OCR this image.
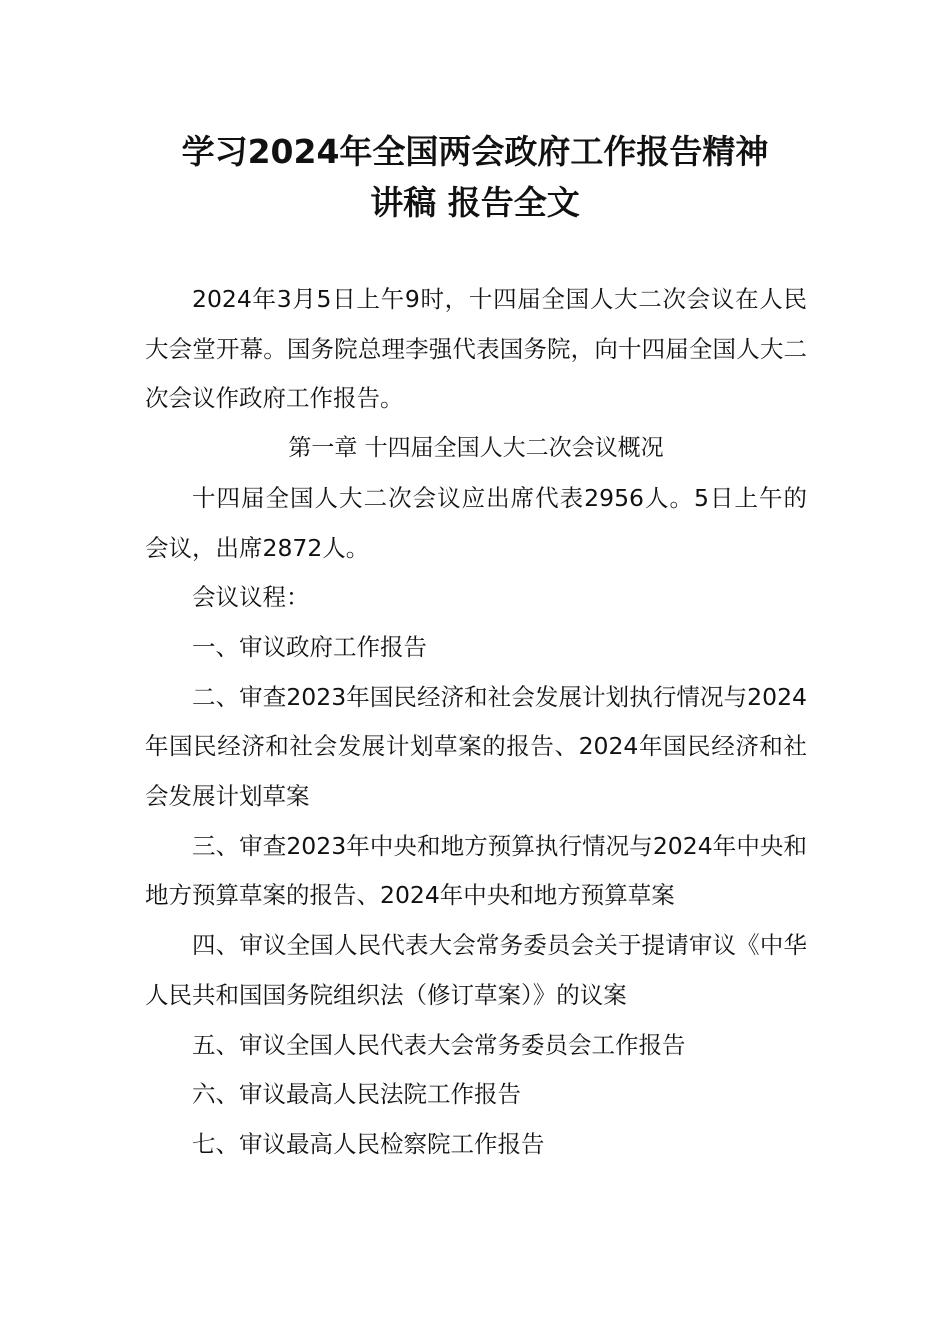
学习2024年全国两会政府工作报告精神
讲稿 报告全文

2024年3月5日上午9时，十四届全国人大二次会议在人民大会堂开幕。国务院总理李强代表国务院，向十四届全国人大二次会议作政府工作报告。

第一章 十四届全国人大二次会议概况

十四届全国人大二次会议应出席代表2956人。5日上午的会议，出席2872人。

会议议程：

一、审议政府工作报告

二、审查2023年国民经济和社会发展计划执行情况与2024年国民经济和社会发展计划草案的报告、2024年国民经济和社会发展计划草案

三、审查2023年中央和地方预算执行情况与2024年中央和地方预算草案的报告、2024年中央和地方预算草案

四、审议全国人民代表大会常务委员会关于提请审议《中华人民共和国国务院组织法（修订草案）》的议案

五、审议全国人民代表大会常务委员会工作报告

六、审议最高人民法院工作报告

七、审议最高人民检察院工作报告
